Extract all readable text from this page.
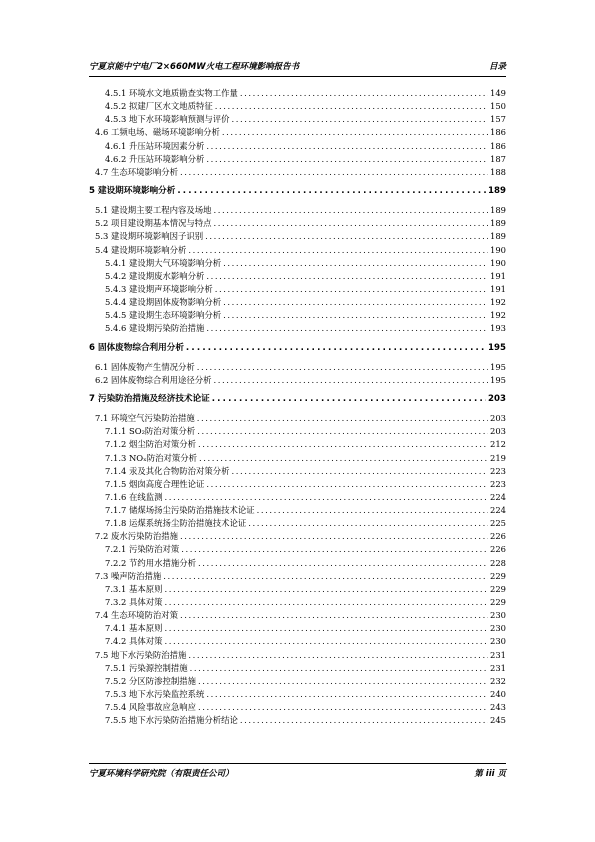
宁夏京能中宁电厂2×660MW火电工程环境影响报告书	目录
4.5.1 环境水文地质勘查实物工作量 .....	149
4.5.2 拟建厂区水文地质特征 .....	150
4.5.3 地下水环境影响预测与评价 .....	157
4.6 工频电场、磁场环境影响分析 .....	186
4.6.1 升压站环境因素分析 .....	186
4.6.2 升压站环境影响分析 .....	187
4.7 生态环境影响分析 .....	188
5 建设期环境影响分析 .....	189
5.1 建设期主要工程内容及场地 .....	189
5.2 项目建设期基本情况与特点 .....	189
5.3 建设期环境影响因子识别 .....	189
5.4 建设期环境影响分析 .....	190
5.4.1 建设期大气环境影响分析 .....	190
5.4.2 建设期废水影响分析 .....	191
5.4.3 建设期声环境影响分析 .....	191
5.4.4 建设期固体废物影响分析 .....	192
5.4.5 建设期生态环境影响分析 .....	192
5.4.6 建设期污染防治措施 .....	193
6 固体废物综合利用分析 .....	195
6.1 固体废物产生情况分析 .....	195
6.2 固体废物综合利用途径分析 .....	195
7 污染防治措施及经济技术论证 .....	203
7.1 环境空气污染防治措施 .....	203
7.1.1 SO₂防治对策分析 .....	203
7.1.2 烟尘防治对策分析 .....	212
7.1.3 NOₓ防治对策分析 .....	219
7.1.4 汞及其化合物防治对策分析 .....	223
7.1.5 烟囱高度合理性论证 .....	223
7.1.6 在线监测 .....	224
7.1.7 储煤场扬尘污染防治措施技术论证 .....	224
7.1.8 运煤系统扬尘防治措施技术论证 .....	225
7.2 废水污染防治措施 .....	226
7.2.1 污染防治对策 .....	226
7.2.2 节约用水措施分析 .....	228
7.3 噪声防治措施 .....	229
7.3.1 基本原则 .....	229
7.3.2 具体对策 .....	229
7.4 生态环境防治对策 .....	230
7.4.1 基本原则 .....	230
7.4.2 具体对策 .....	230
7.5 地下水污染防治措施 .....	231
7.5.1 污染源控制措施 .....	231
7.5.2 分区防渗控制措施 .....	232
7.5.3 地下水污染监控系统 .....	240
7.5.4 风险事故应急响应 .....	243
7.5.5 地下水污染防治措施分析结论 .....	245
宁夏环境科学研究院（有限责任公司）	第 iii 页
